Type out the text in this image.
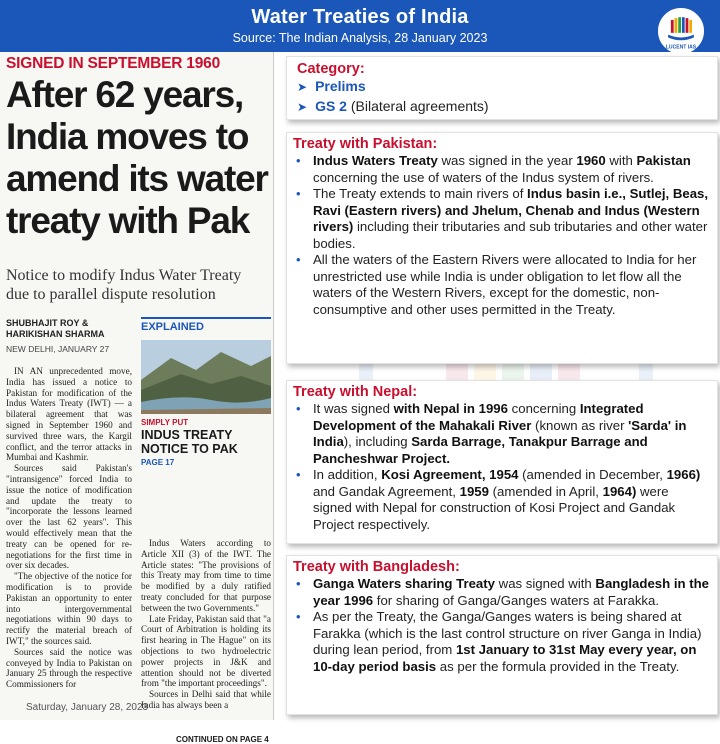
Water Treaties of India
Source: The Indian Analysis, 28 January 2023
LUCENT IAS
SIGNED IN SEPTEMBER 1960
After 62 years, India moves to amend its water treaty with Pak
Notice to modify Indus Water Treaty due to parallel dispute resolution
SHUBHAJIT ROY &
HARIKISHAN SHARMA
NEW DELHI, JANUARY 27

IN AN unprecedented move, India has issued a notice to Pakistan for modification of the Indus Waters Treaty (IWT) — a bilateral agreement that was signed in September 1960 and survived three wars, the Kargil conflict, and the terror attacks in Mumbai and Kashmir.

Sources said Pakistan's "intransigence" forced India to issue the notice of modification and update the treaty to "incorporate the lessons learned over the last 62 years". This would effectively mean that the treaty can be opened for re-negotiations for the first time in over six decades.

"The objective of the notice for modification is to provide Pakistan an opportunity to enter into intergovernmental negotiations within 90 days to rectify the material breach of IWT," the sources said.

Sources said the notice was conveyed by India to Pakistan on January 25 through the respective Commissioners for

EXPLAINED
SIMPLY PUT
INDUS TREATY NOTICE TO PAK
PAGE 17

Indus Waters according to Article XII (3) of the IWT. The Article states: "The provisions of this Treaty may from time to time be modified by a duly ratified treaty concluded for that purpose between the two Governments."

Late Friday, Pakistan said that "a Court of Arbitration is holding its first hearing in The Hague" on its objections to two hydroelectric power projects in J&K and attention should not be diverted from "the important proceedings".

Sources in Delhi said that while India has always been a

CONTINUED ON PAGE 4
Saturday, January 28, 2023
Category:
➤ Prelims
➤ GS 2 (Bilateral agreements)
Treaty with Pakistan:
• Indus Waters Treaty was signed in the year 1960 with Pakistan concerning the use of waters of the Indus system of rivers.
• The Treaty extends to main rivers of Indus basin i.e., Sutlej, Beas, Ravi (Eastern rivers) and Jhelum, Chenab and Indus (Western rivers) including their tributaries and sub tributaries and other water bodies.
• All the waters of the Eastern Rivers were allocated to India for her unrestricted use while India is under obligation to let flow all the waters of the Western Rivers, except for the domestic, non-consumptive and other uses permitted in the Treaty.
Treaty with Nepal:
• It was signed with Nepal in 1996 concerning Integrated Development of the Mahakali River (known as river 'Sarda' in India), including Sarda Barrage, Tanakpur Barrage and Pancheshwar Project.
• In addition, Kosi Agreement, 1954 (amended in December, 1966) and Gandak Agreement, 1959 (amended in April, 1964) were signed with Nepal for construction of Kosi Project and Gandak Project respectively.
Treaty with Bangladesh:
• Ganga Waters sharing Treaty was signed with Bangladesh in the year 1996 for sharing of Ganga/Ganges waters at Farakka.
• As per the Treaty, the Ganga/Ganges waters is being shared at Farakka (which is the last control structure on river Ganga in India) during lean period, from 1st January to 31st May every year, on 10-day period basis as per the formula provided in the Treaty.
